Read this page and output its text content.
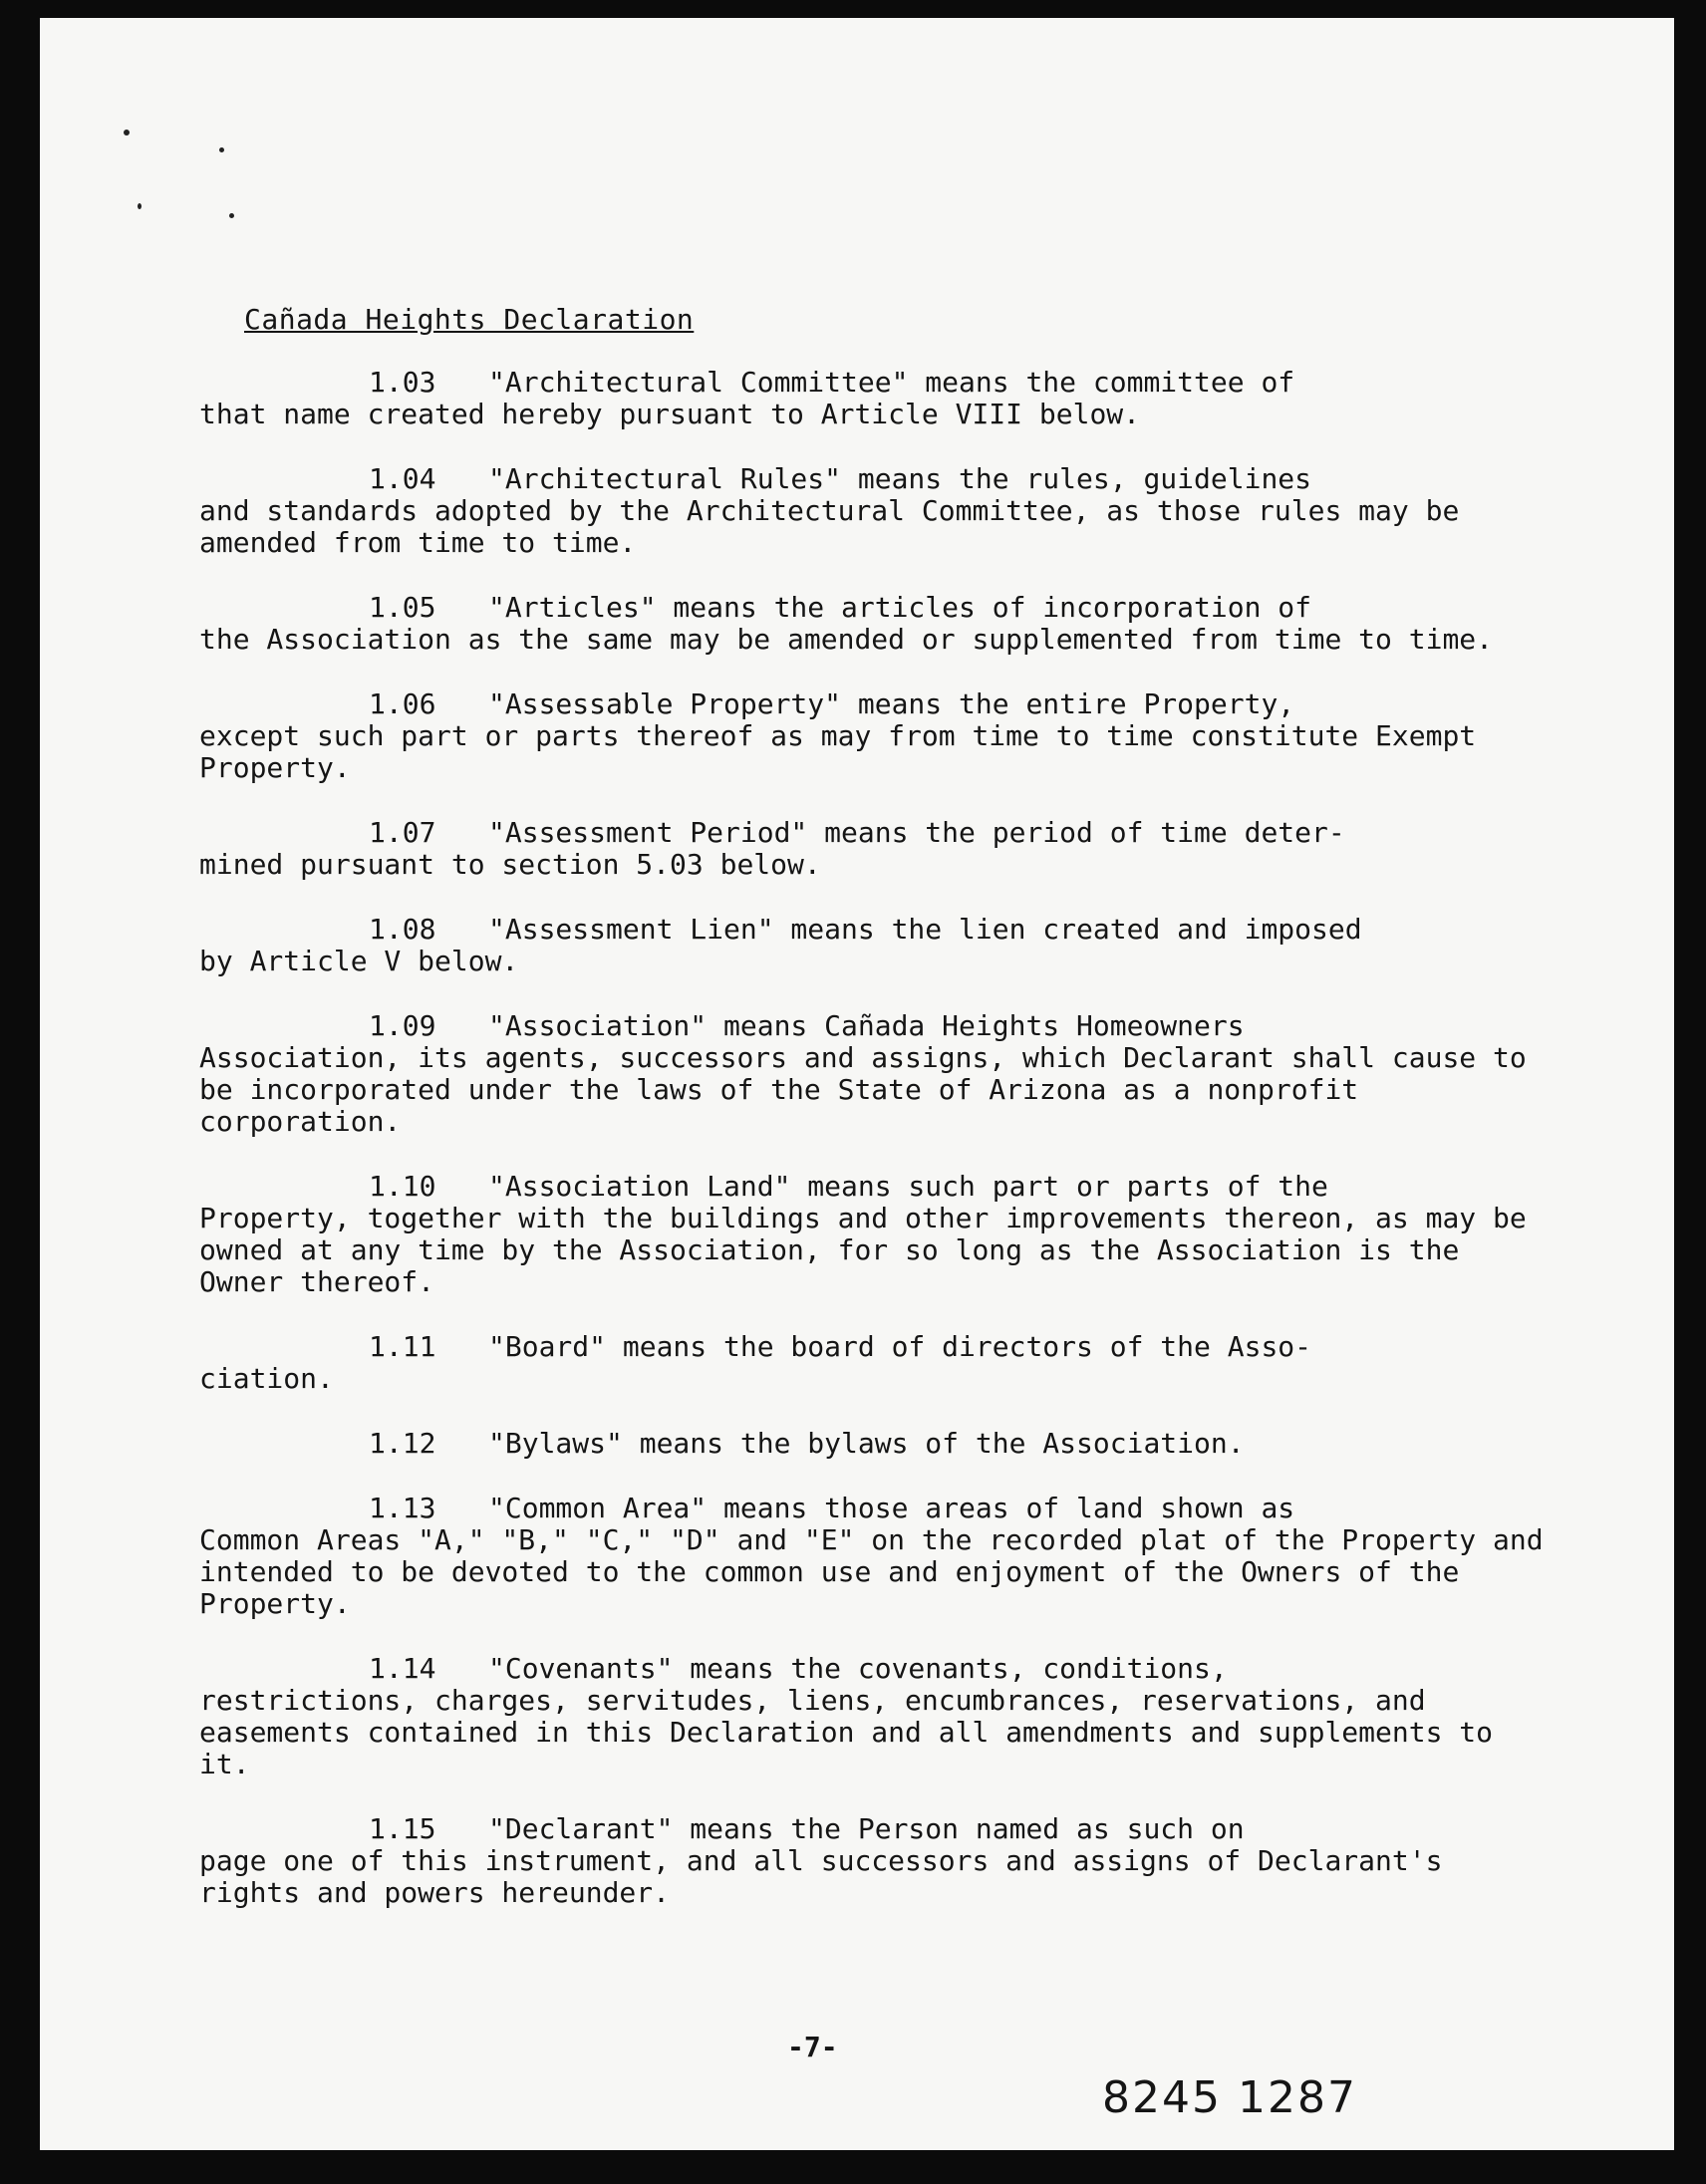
Cañada Heights Declaration
1.03 "Architectural Committee" means the committee of
that name created hereby pursuant to Article VIII below.
1.04 "Architectural Rules" means the rules, guidelines
and standards adopted by the Architectural Committee, as those rules may be amended from time to time.
1.05 "Articles" means the articles of incorporation of
the Association as the same may be amended or supplemented from time to time.
1.06 "Assessable Property" means the entire Property,
except such part or parts thereof as may from time to time constitute Exempt Property.
1.07 "Assessment Period" means the period of time deter-
mined pursuant to section 5.03 below.
1.08 "Assessment Lien" means the lien created and imposed
by Article V below.
1.09 "Association" means Cañada Heights Homeowners
Association, its agents, successors and assigns, which Declarant shall cause to be incorporated under the laws of the State of Arizona as a nonprofit corporation.
1.10 "Association Land" means such part or parts of the
Property, together with the buildings and other improvements thereon, as may be owned at any time by the Association, for so long as the Association is the Owner thereof.
1.11 "Board" means the board of directors of the Asso-
ciation.
1.12 "Bylaws" means the bylaws of the Association.
1.13 "Common Area" means those areas of land shown as
Common Areas "A," "B," "C," "D" and "E" on the recorded plat of the Property and intended to be devoted to the common use and enjoyment of the Owners of the Property.
1.14 "Covenants" means the covenants, conditions,
restrictions, charges, servitudes, liens, encumbrances, reservations, and easements contained in this Declaration and all amendments and supplements to it.
1.15 "Declarant" means the Person named as such on
page one of this instrument, and all successors and assigns of Declarant's rights and powers hereunder.
-7-
8245 1287
